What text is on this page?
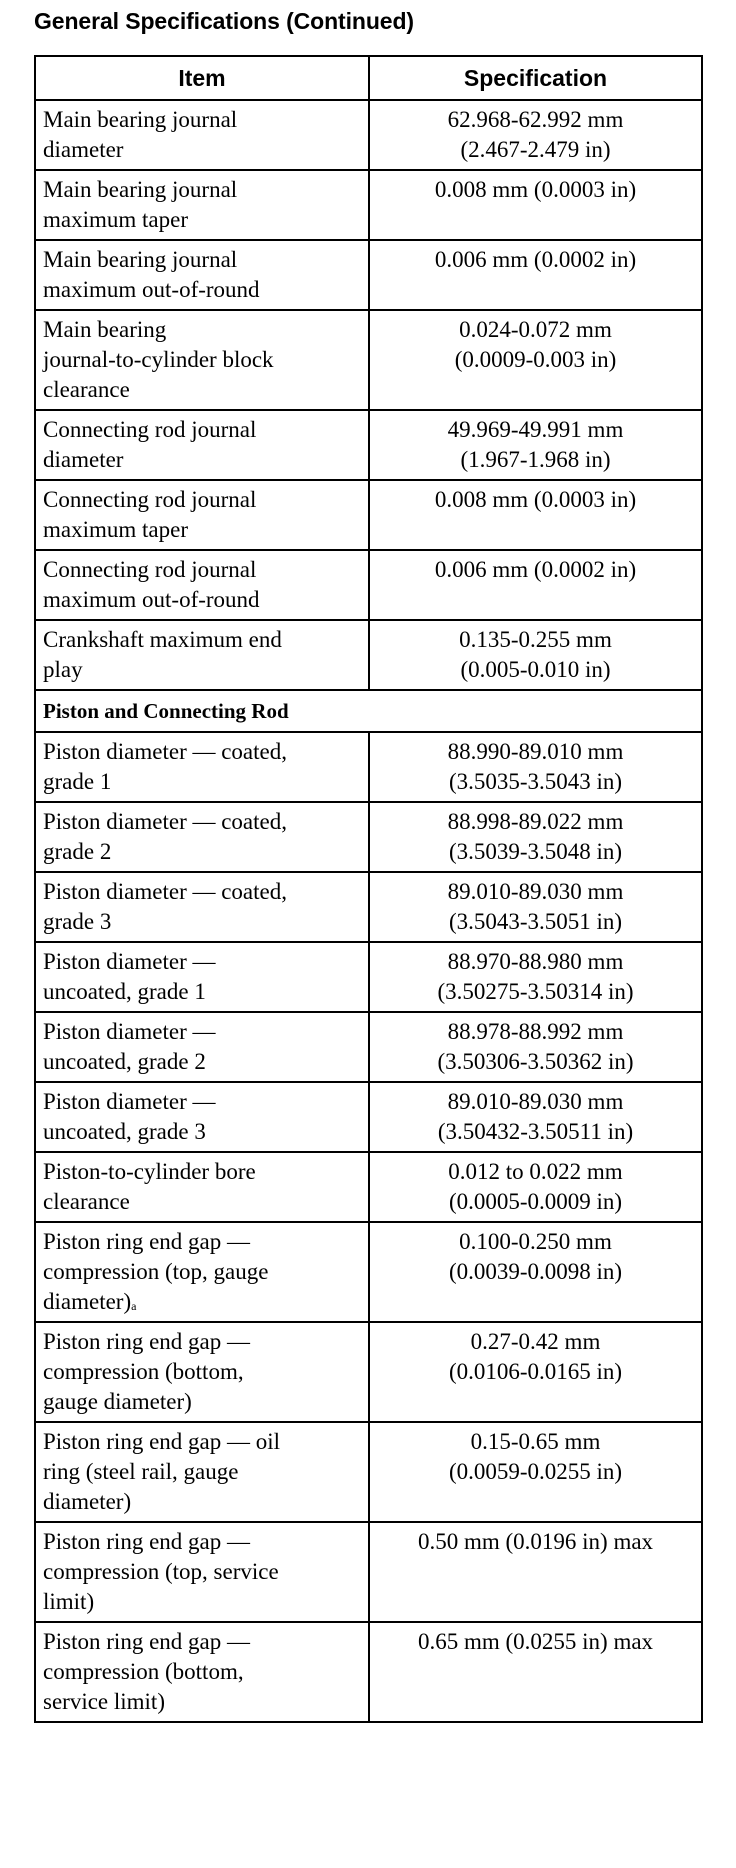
General Specifications (Continued)
Item	Specification
Main bearing journal
diameter	62.968-62.992 mm
(2.467-2.479 in)
Main bearing journal
maximum taper	0.008 mm (0.0003 in)
Main bearing journal
maximum out-of-round	0.006 mm (0.0002 in)
Main bearing
journal-to-cylinder block
clearance	0.024-0.072 mm
(0.0009-0.003 in)
Connecting rod journal
diameter	49.969-49.991 mm
(1.967-1.968 in)
Connecting rod journal
maximum taper	0.008 mm (0.0003 in)
Connecting rod journal
maximum out-of-round	0.006 mm (0.0002 in)
Crankshaft maximum end
play	0.135-0.255 mm
(0.005-0.010 in)
Piston and Connecting Rod	
Piston diameter — coated,
grade 1	88.990-89.010 mm
(3.5035-3.5043 in)
Piston diameter — coated,
grade 2	88.998-89.022 mm
(3.5039-3.5048 in)
Piston diameter — coated,
grade 3	89.010-89.030 mm
(3.5043-3.5051 in)
Piston diameter —
uncoated, grade 1	88.970-88.980 mm
(3.50275-3.50314 in)
Piston diameter —
uncoated, grade 2	88.978-88.992 mm
(3.50306-3.50362 in)
Piston diameter —
uncoated, grade 3	89.010-89.030 mm
(3.50432-3.50511 in)
Piston-to-cylinder bore
clearance	0.012 to 0.022 mm
(0.0005-0.0009 in)
Piston ring end gap —
compression (top, gauge
diameter)$^a$	0.100-0.250 mm
(0.0039-0.0098 in)
Piston ring end gap —
compression (bottom,
gauge diameter)	0.27-0.42 mm
(0.0106-0.0165 in)
Piston ring end gap — oil
ring (steel rail, gauge
diameter)	0.15-0.65 mm
(0.0059-0.0255 in)
Piston ring end gap —
compression (top, service
limit)	0.50 mm (0.0196 in) max
Piston ring end gap —
compression (bottom,
service limit)	0.65 mm (0.0255 in) max
